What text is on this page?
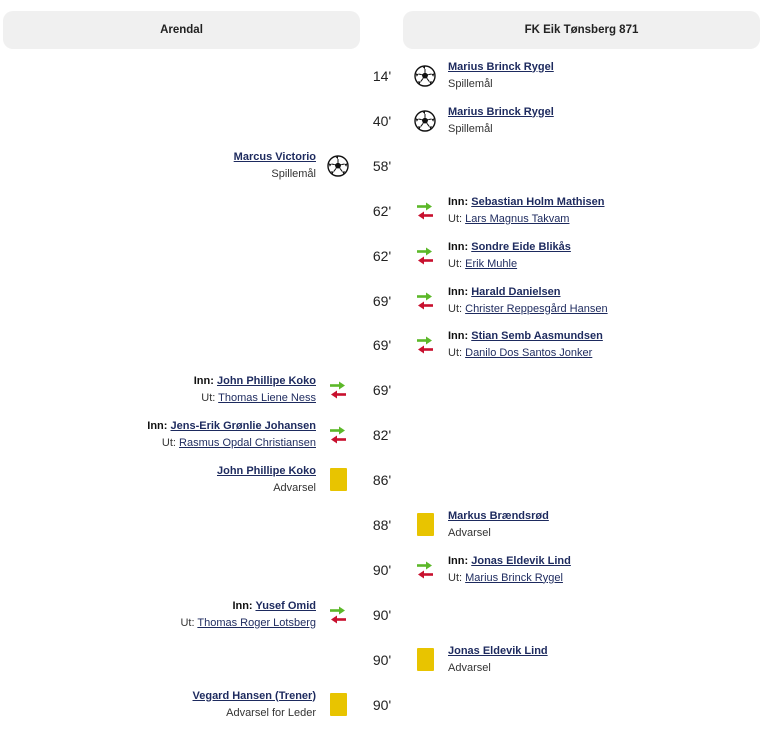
Arendal	FK Eik Tønsberg 871
14'
Marius Brinck Rygel
Spillemål
40'
Marius Brinck Rygel
Spillemål
58'
Marcus Victorio
Spillemål
62'
Inn: Sebastian Holm Mathisen
Ut: Lars Magnus Takvam
62'
Inn: Sondre Eide Blikås
Ut: Erik Muhle
69'
Inn: Harald Danielsen
Ut: Christer Reppesgård Hansen
69'
Inn: Stian Semb Aasmundsen
Ut: Danilo Dos Santos Jonker
69'
Inn: John Phillipe Koko
Ut: Thomas Liene Ness
82'
Inn: Jens-Erik Grønlie Johansen
Ut: Rasmus Opdal Christiansen
86'
John Phillipe Koko
Advarsel
88'
Markus Brændsrød
Advarsel
90'
Inn: Jonas Eldevik Lind
Ut: Marius Brinck Rygel
90'
Inn: Yusef Omid
Ut: Thomas Roger Lotsberg
90'
Jonas Eldevik Lind
Advarsel
90'
Vegard Hansen (Trener)
Advarsel for Leder
